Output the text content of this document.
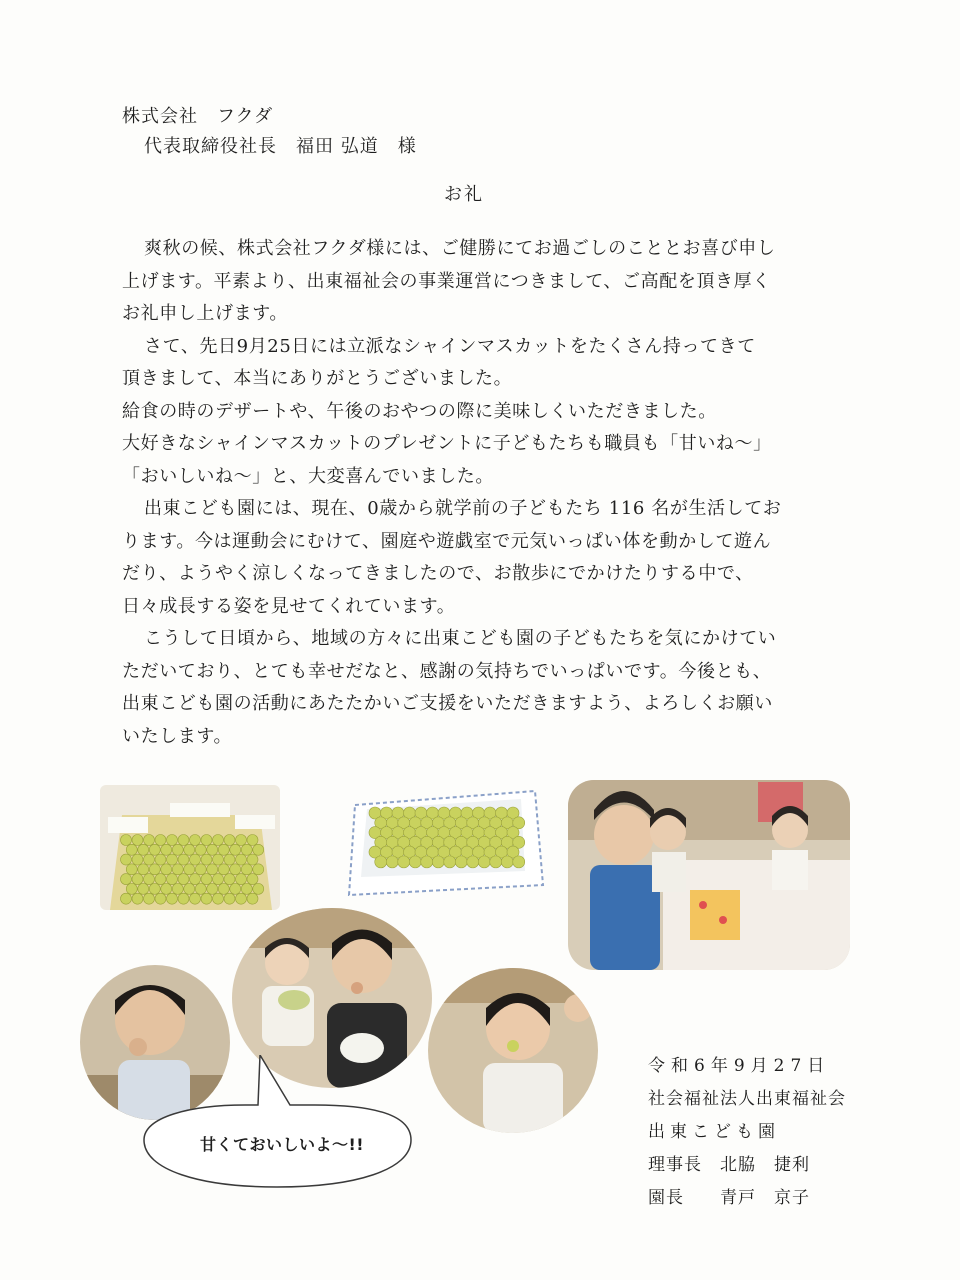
株式会社　フクダ
代表取締役社長　福田 弘道　様
お礼
爽秋の候、株式会社フクダ様には、ご健勝にてお過ごしのこととお喜び申し
上げます。平素より、出東福祉会の事業運営につきまして、ご高配を頂き厚く
お礼申し上げます。
さて、先日9月25日には立派なシャインマスカットをたくさん持ってきて
頂きまして、本当にありがとうございました。
給食の時のデザートや、午後のおやつの際に美味しくいただきました。
大好きなシャインマスカットのプレゼントに子どもたちも職員も「甘いね～」
「おいしいね～」と、大変喜んでいました。
出東こども園には、現在、0歳から就学前の子どもたち 116 名が生活してお
ります。今は運動会にむけて、園庭や遊戯室で元気いっぱい体を動かして遊ん
だり、ようやく涼しくなってきましたので、お散歩にでかけたりする中で、
日々成長する姿を見せてくれています。
こうして日頃から、地域の方々に出東こども園の子どもたちを気にかけてい
ただいており、とても幸せだなと、感謝の気持ちでいっぱいです。今後とも、
出東こども園の活動にあたたかいご支援をいただきますよう、よろしくお願い
いたします。
甘くておいしいよ～!!
令和6年9月27日
社会福祉法人出東福祉会
出東こども園
理事長　北脇　捷利
園長　　青戸　京子
